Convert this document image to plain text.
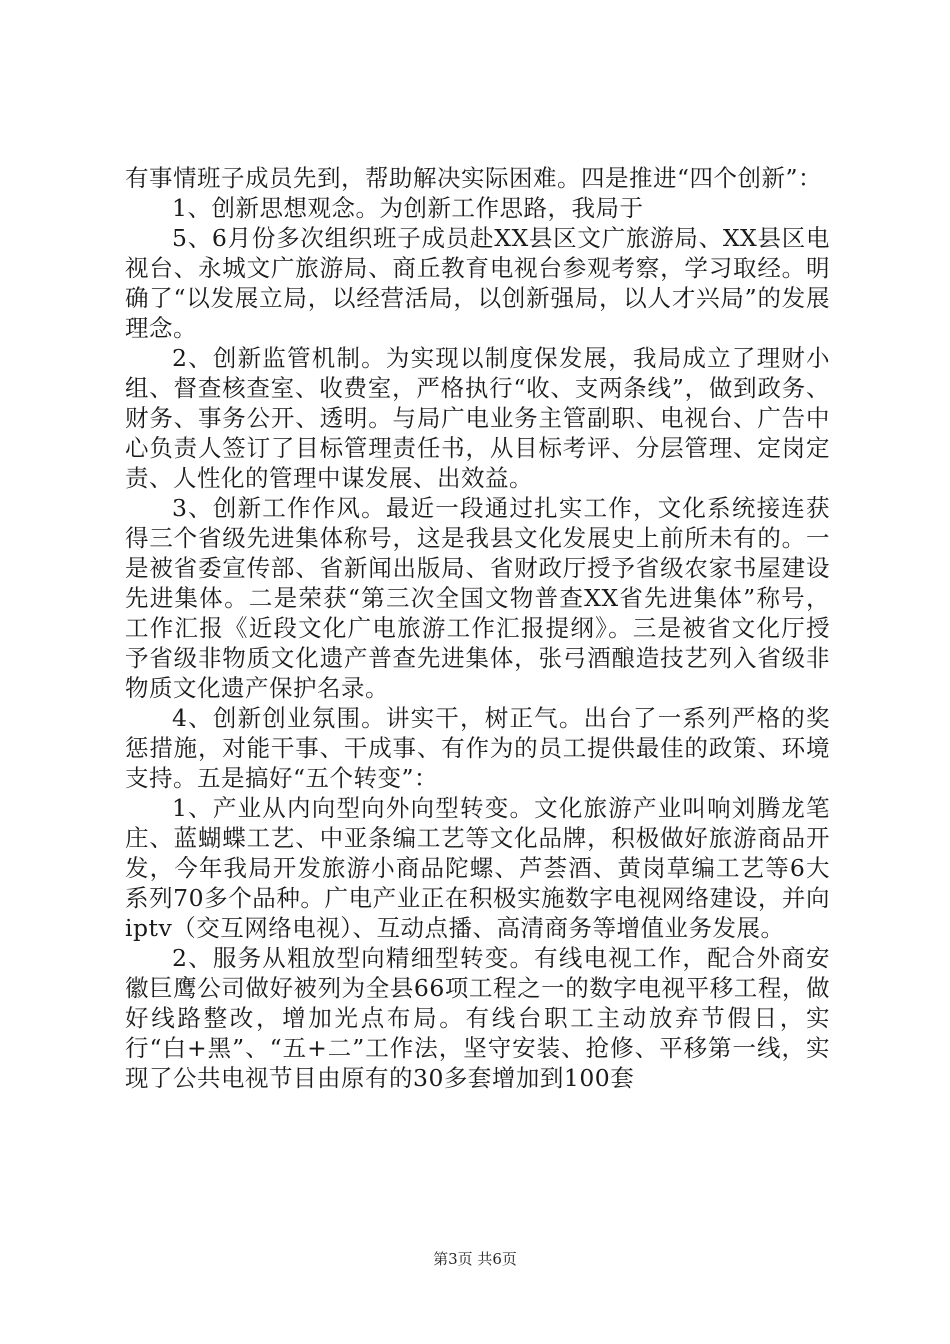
有事情班子成员先到，帮助解决实际困难。四是推进“四个创新”：

1、创新思想观念。为创新工作思路，我局于

5、6月份多次组织班子成员赴XX县区文广旅游局、XX县区电视台、永城文广旅游局、商丘教育电视台参观考察，学习取经。明确了“以发展立局，以经营活局，以创新强局，以人才兴局”的发展理念。

2、创新监管机制。为实现以制度保发展，我局成立了理财小组、督查核查室、收费室，严格执行“收、支两条线”，做到政务、财务、事务公开、透明。与局广电业务主管副职、电视台、广告中心负责人签订了目标管理责任书，从目标考评、分层管理、定岗定责、人性化的管理中谋发展、出效益。

3、创新工作作风。最近一段通过扎实工作，文化系统接连获得三个省级先进集体称号，这是我县文化发展史上前所未有的。一是被省委宣传部、省新闻出版局、省财政厅授予省级农家书屋建设先进集体。二是荣获“第三次全国文物普查XX省先进集体”称号，工作汇报《近段文化广电旅游工作汇报提纲》。三是被省文化厅授予省级非物质文化遗产普查先进集体，张弓酒酿造技艺列入省级非物质文化遗产保护名录。

4、创新创业氛围。讲实干，树正气。出台了一系列严格的奖惩措施，对能干事、干成事、有作为的员工提供最佳的政策、环境支持。五是搞好“五个转变”：

1、产业从内向型向外向型转变。文化旅游产业叫响刘腾龙笔庄、蓝蝴蝶工艺、中亚条编工艺等文化品牌，积极做好旅游商品开发，今年我局开发旅游小商品陀螺、芦荟酒、黄岗草编工艺等6大系列70多个品种。广电产业正在积极实施数字电视网络建设，并向iptv（交互网络电视）、互动点播、高清商务等增值业务发展。

2、服务从粗放型向精细型转变。有线电视工作，配合外商安徽巨鹰公司做好被列为全县66项工程之一的数字电视平移工程，做好线路整改，增加光点布局。有线台职工主动放弃节假日，实行“白+黑”、“五+二”工作法，坚守安装、抢修、平移第一线，实现了公共电视节目由原有的30多套增加到100套

第3页 共6页
